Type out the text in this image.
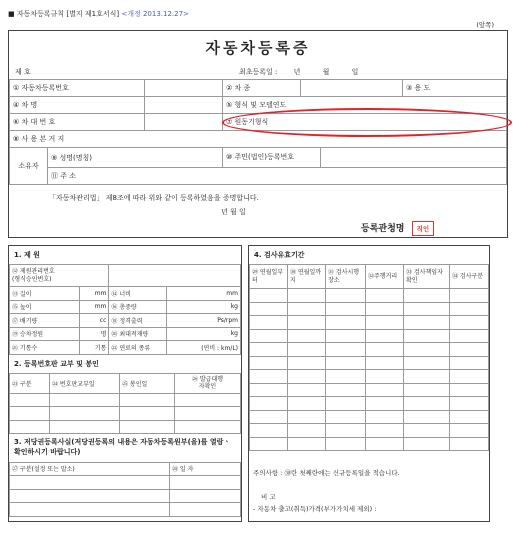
■ 자동차등록규칙 [별지 제1호서식] <개정 2013.12.27>
(앞쪽)
자동차등록증
제 호	최초등록일 : 년	월	일
① 자동차등록번호		② 차 종		③ 용 도
④ 차 명		⑤ 형식 및 모델연도		
⑥ 차 대 번 호		⑦ 원동기형식		
⑧ 사 용 본 거 지				
소유자	⑨ 성명(명칭)	⑩ 주민(법인)등록번호	
⑪ 주 소
「자동차관리법」 제8조에 따라 위와 같이 등록하였음을 증명합니다.
년 월 일
등록관청명 직인
1. 제 원
⑫ 제원관리번호
(형식승인번호)			
⑬ 길이	mm	⑭ 너비	mm
⑮ 높이	mm	⑯ 총중량	kg
⑰ 배기량	cc	⑱ 정격출력	Ps/rpm
⑲ 승차정원	명	⑳ 최대적재량	kg
㉑ 기통수	기통	㉒ 연료의 종류	(연비 : km/L)
2. 등록번호판 교부 및 봉인
㉓ 구분	㉔ 번호판교부일	㉕ 봉인일	㉖ 발급대행
자확인

3. 저당권등록사실(저당권등록의 내용은 자동차등록원부(을)를 열람ㆍ확인하시기 바랍니다)
㉗ 구분(설정 또는 말소)	㉘ 일 자

4. 검사유효기간
㉙ 연월일부터	㉚ 연월일까지	㉛ 검사시행장소	㉜주행거리	㉝ 검사책임자확인	㉞ 검사구분

주의사항 : ㉚란 첫째란에는 신규등록일을 적습니다.
비 고
- 자동차 출고(취득)가격(부가가치세 제외) :
